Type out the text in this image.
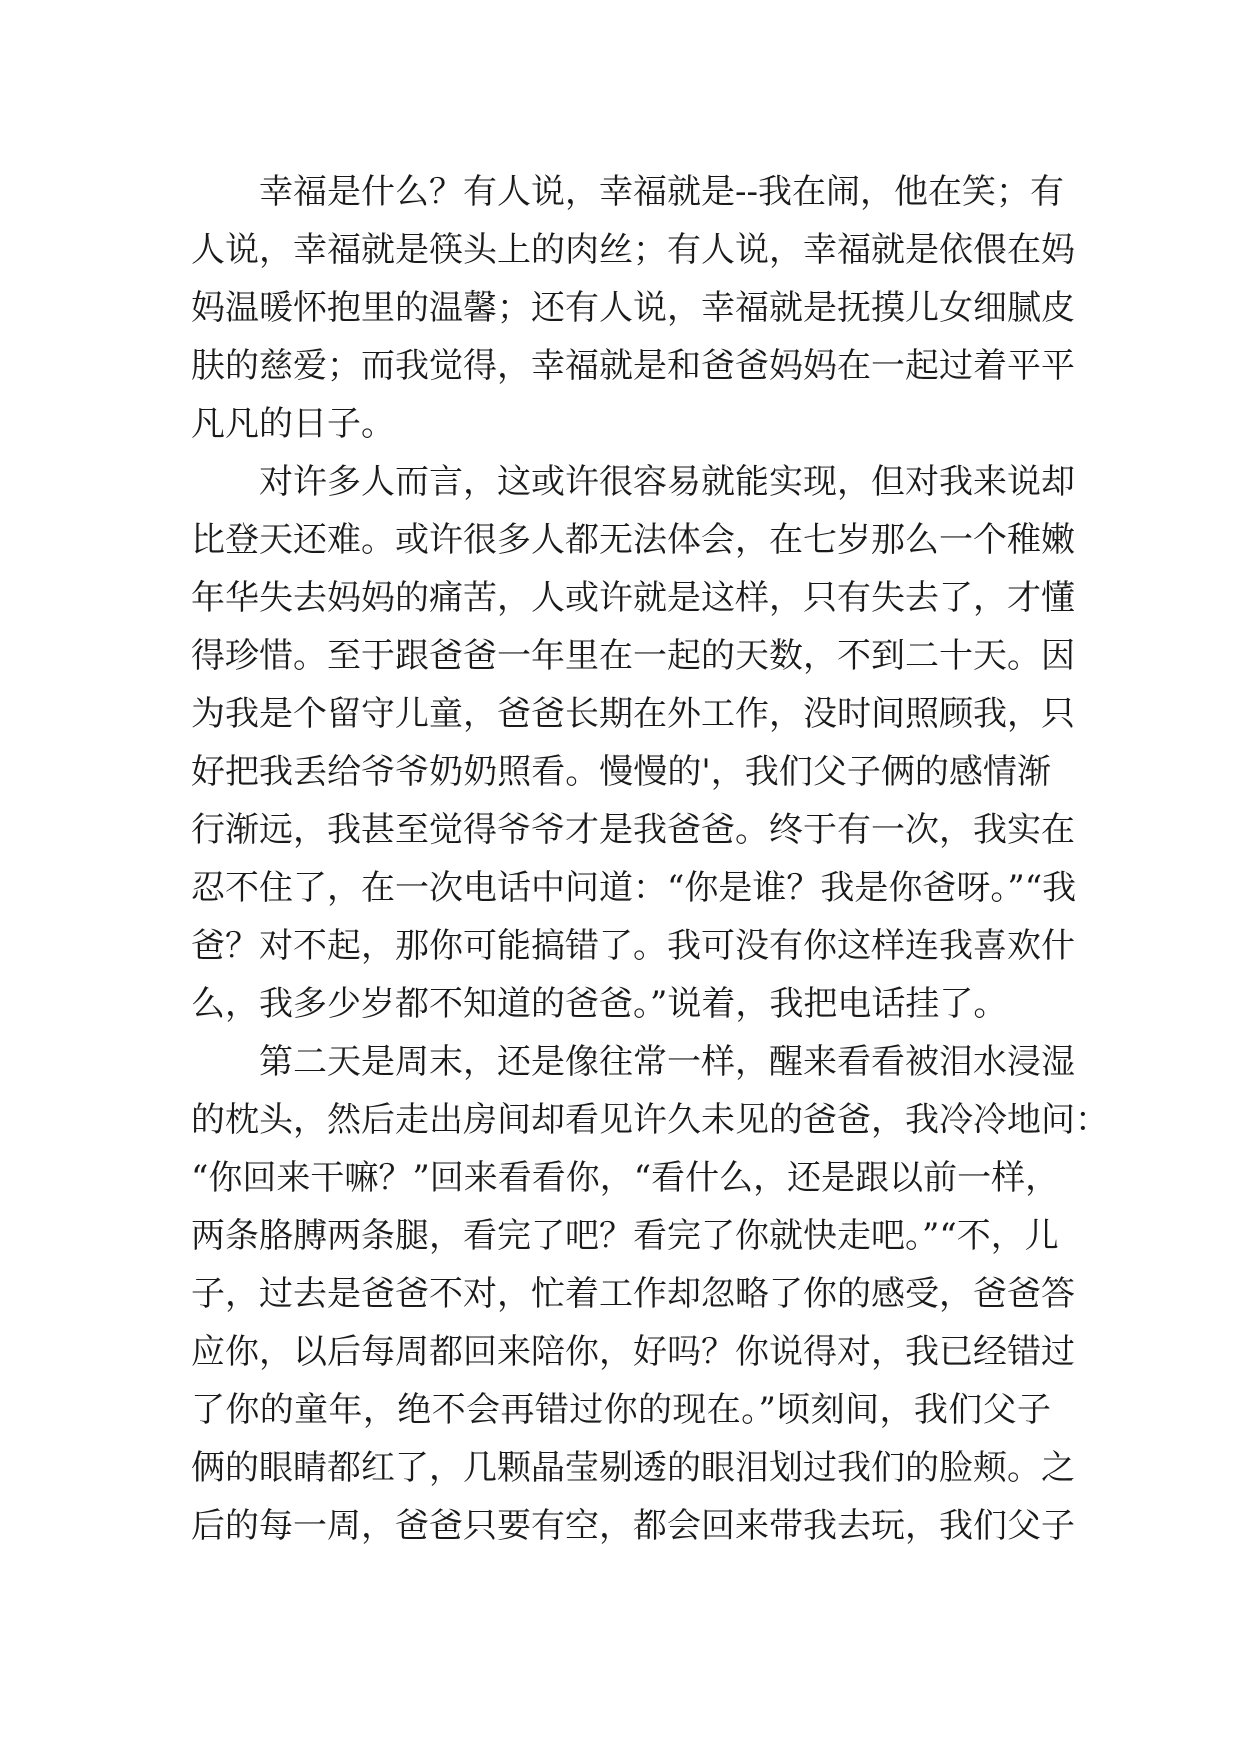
幸福是什么？有人说，幸福就是--我在闹，他在笑；有
人说，幸福就是筷头上的肉丝；有人说，幸福就是依偎在妈
妈温暖怀抱里的温馨；还有人说，幸福就是抚摸儿女细腻皮
肤的慈爱；而我觉得，幸福就是和爸爸妈妈在一起过着平平
凡凡的日子。
对许多人而言，这或许很容易就能实现，但对我来说却
比登天还难。或许很多人都无法体会，在七岁那么一个稚嫩
年华失去妈妈的痛苦，人或许就是这样，只有失去了，才懂
得珍惜。至于跟爸爸一年里在一起的天数，不到二十天。因
为我是个留守儿童，爸爸长期在外工作，没时间照顾我，只
好把我丢给爷爷奶奶照看。慢慢的'，我们父子俩的感情渐
行渐远，我甚至觉得爷爷才是我爸爸。终于有一次，我实在
忍不住了，在一次电话中问道：“你是谁？我是你爸呀。”“我
爸？对不起，那你可能搞错了。我可没有你这样连我喜欢什
么，我多少岁都不知道的爸爸。”说着，我把电话挂了。
第二天是周末，还是像往常一样，醒来看看被泪水浸湿
的枕头，然后走出房间却看见许久未见的爸爸，我冷冷地问：
“你回来干嘛？”回来看看你，“看什么，还是跟以前一样，
两条胳膊两条腿，看完了吧？看完了你就快走吧。”“不，儿
子，过去是爸爸不对，忙着工作却忽略了你的感受，爸爸答
应你，以后每周都回来陪你，好吗？你说得对，我已经错过
了你的童年，绝不会再错过你的现在。”顷刻间，我们父子
俩的眼睛都红了，几颗晶莹剔透的眼泪划过我们的脸颊。之
后的每一周，爸爸只要有空，都会回来带我去玩，我们父子
